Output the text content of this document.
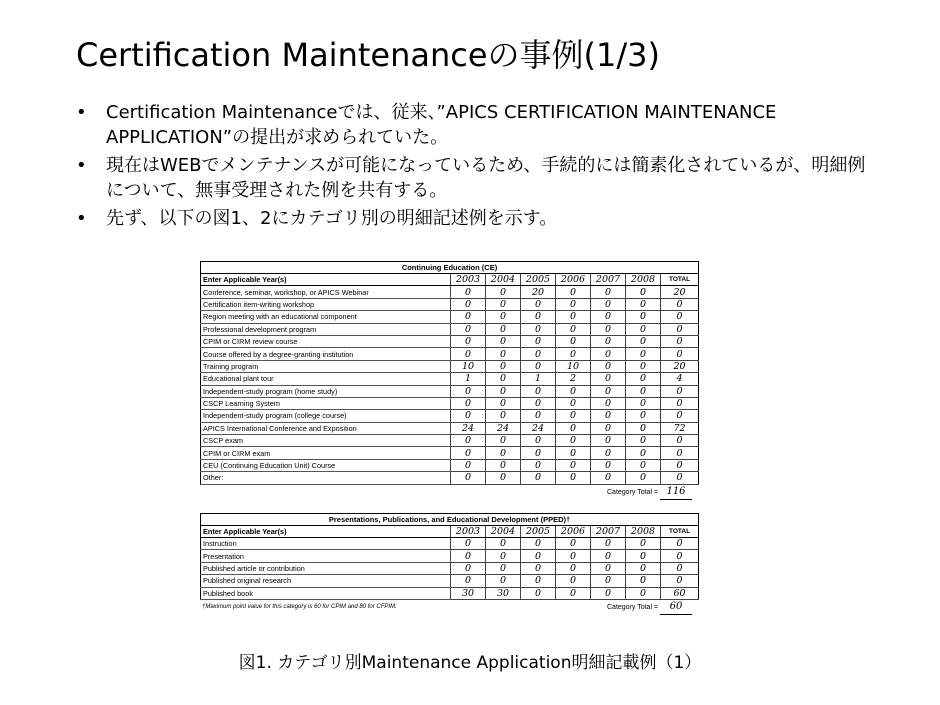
Certification Maintenanceの事例(1/3)
• Certification Maintenanceでは、従来、”APICS CERTIFICATION MAINTENANCE APPLICATION”の提出が求められていた。
• 現在はWEBでメンテナンスが可能になっているため、手続的には簡素化されているが、明細例について、無事受理された例を共有する。
• 先ず、以下の図1、2にカテゴリ別の明細記述例を示す。
Continuing Education (CE)							
Enter Applicable Year(s)	2003	2004	2005	2006	2007	2008	TOTAL
Conference, seminar, workshop, or APICS Webinar	0	0	20	0	0	0	20
Certification item-writing workshop	0	0	0	0	0	0	0
Region meeting with an educational component	0	0	0	0	0	0	0
Professional development program	0	0	0	0	0	0	0
CPIM or CIRM review course	0	0	0	0	0	0	0
Course offered by a degree-granting institution	0	0	0	0	0	0	0
Training program	10	0	0	10	0	0	20
Educational plant tour	1	0	1	2	0	0	4
Independent-study program (home study)	0	0	0	0	0	0	0
CSCP Learning System	0	0	0	0	0	0	0
Independent-study program (college course)	0	0	0	0	0	0	0
APICS International Conference and Exposition	24	24	24	0	0	0	72
CSCP exam	0	0	0	0	0	0	0
CPIM or CIRM exam	0	0	0	0	0	0	0
CEU (Continuing Education Unit) Course	0	0	0	0	0	0	0
Other:	0	0	0	0	0	0	0
Category Total = 116
Presentations, Publications, and Educational Development (PPED)†							
Enter Applicable Year(s)	2003	2004	2005	2006	2007	2008	TOTAL
Instruction	0	0	0	0	0	0	0
Presentation	0	0	0	0	0	0	0
Published article or contribution	0	0	0	0	0	0	0
Published original research	0	0	0	0	0	0	0
Published book	30	30	0	0	0	0	60
†Maximum point value for this category is 60 for CPIM and 80 for CFPIM.	Category Total = 60
図1. カテゴリ別Maintenance Application明細記載例（1）
